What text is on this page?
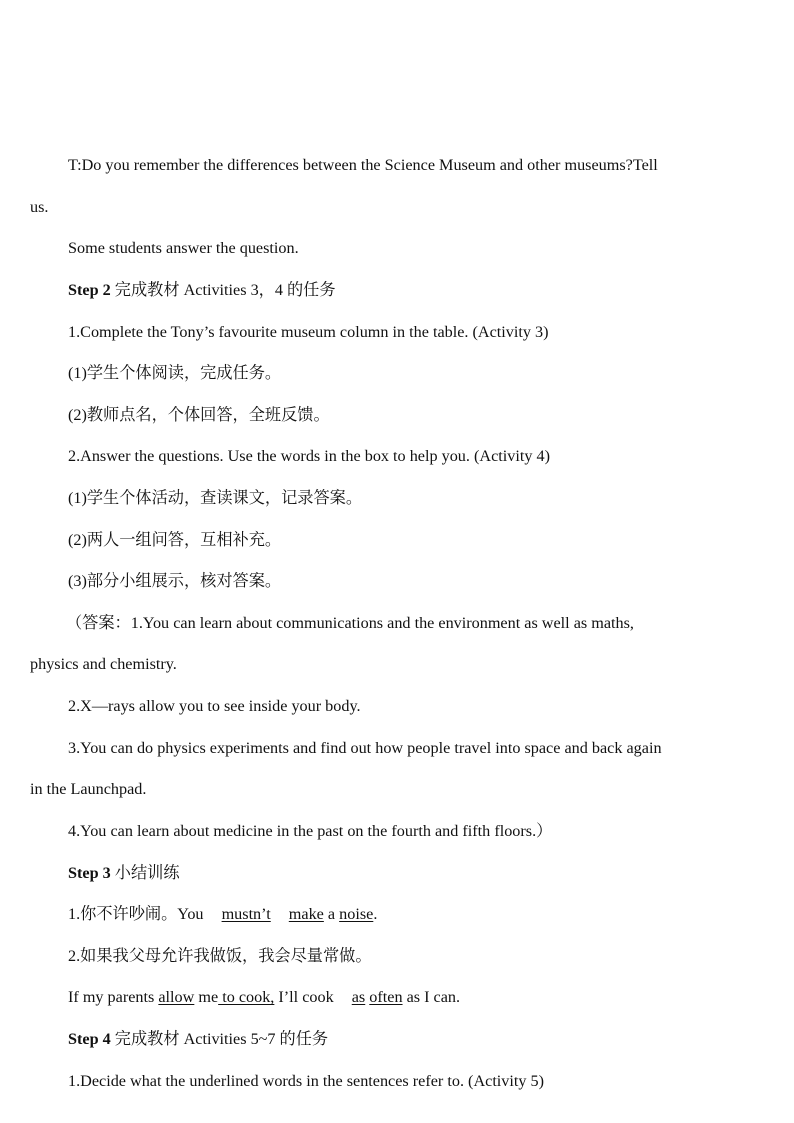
T:Do you remember the differences between the Science Museum and other museums?Tell
us.
Some students answer the question.
Step 2 完成教材 Activities 3，4 的任务
1.Complete the Tony’s favourite museum column in the table. (Activity 3)
(1)学生个体阅读，完成任务。
(2)教师点名，个体回答，全班反馈。
2.Answer the questions. Use the words in the box to help you. (Activity 4)
(1)学生个体活动，查读课文，记录答案。
(2)两人一组问答，互相补充。
(3)部分小组展示，核对答案。
（答案：1.You can learn about communications and the environment as well as maths,
physics and chemistry.
2.X—rays allow you to see inside your body.
3.You can do physics experiments and find out how people travel into space and back again
in the Launchpad.
4.You can learn about medicine in the past on the fourth and fifth floors.）
Step 3 小结训练
1.你不许吵闹。You mustn’t make a noise.
2.如果我父母允许我做饭，我会尽量常做。
If my parents allow me to cook, I’ll cook as often as I can.
Step 4 完成教材 Activities 5~7 的任务
1.Decide what the underlined words in the sentences refer to. (Activity 5)
